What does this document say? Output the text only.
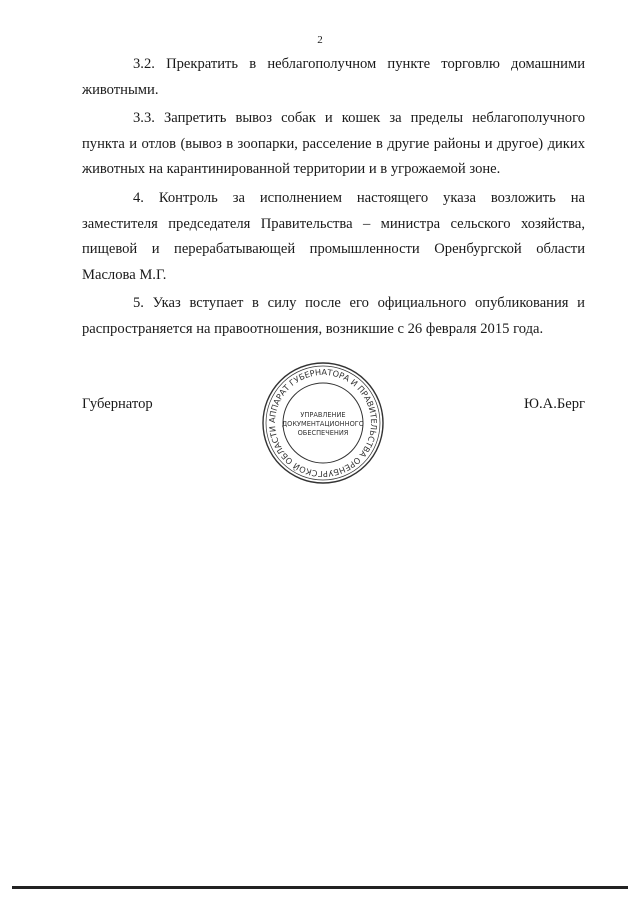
2

3.2. Прекратить в неблагополучном пункте торговлю домашними животными.

3.3. Запретить вывоз собак и кошек за пределы неблагополучного пункта и отлов (вывоз в зоопарки, расселение в другие районы и другое) диких животных на карантинированной территории и в угрожаемой зоне.

4. Контроль за исполнением настоящего указа возложить на заместителя председателя Правительства – министра сельского хозяйства, пищевой и перерабатывающей промышленности Оренбургской области Маслова М.Г.

5. Указ вступает в силу после его официального опубликования и распространяется на правоотношения, возникшие с 26 февраля 2015 года.

Губернатор	Ю.А.Берг
АППАРАТ ГУБЕРНАТОРА И ПРАВИТЕЛЬСТВА ОРЕНБУРГСКОЙ ОБЛАСТИ
УПРАВЛЕНИЕ
ДОКУМЕНТАЦИОННОГО
ОБЕСПЕЧЕНИЯ
